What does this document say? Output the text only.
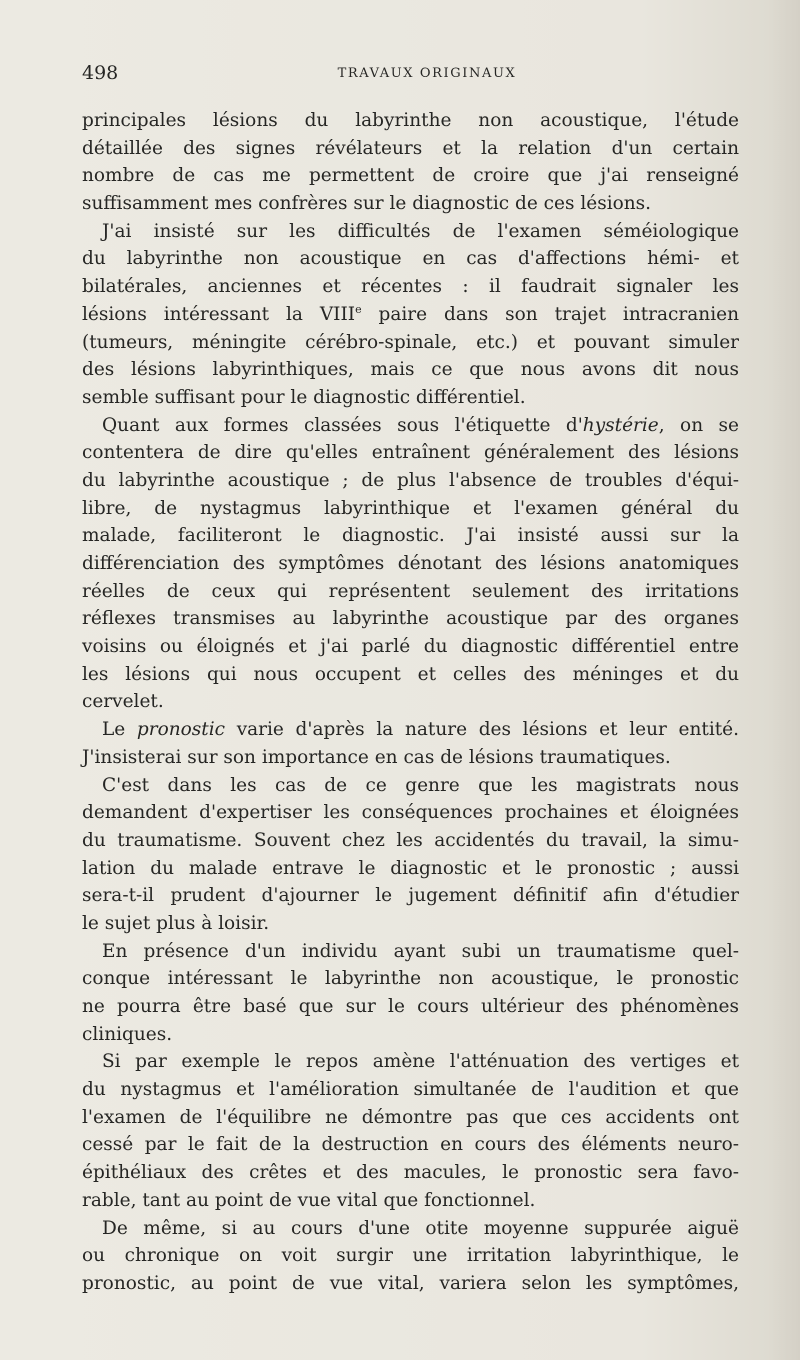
498	TRAVAUX ORIGINAUX
principales lésions du labyrinthe non acoustique, l'étude
détaillée des signes révélateurs et la relation d'un certain
nombre de cas me permettent de croire que j'ai renseigné
suffisamment mes confrères sur le diagnostic de ces lésions.
J'ai insisté sur les difficultés de l'examen séméiologique
du labyrinthe non acoustique en cas d'affections hémi- et
bilatérales, anciennes et récentes : il faudrait signaler les
lésions intéressant la VIIIe paire dans son trajet intracranien
(tumeurs, méningite cérébro-spinale, etc.) et pouvant simuler
des lésions labyrinthiques, mais ce que nous avons dit nous
semble suffisant pour le diagnostic différentiel.
Quant aux formes classées sous l'étiquette d'hystérie, on se
contentera de dire qu'elles entraînent généralement des lésions
du labyrinthe acoustique ; de plus l'absence de troubles d'équi-
libre, de nystagmus labyrinthique et l'examen général du
malade, faciliteront le diagnostic. J'ai insisté aussi sur la
différenciation des symptômes dénotant des lésions anatomiques
réelles de ceux qui représentent seulement des irritations
réflexes transmises au labyrinthe acoustique par des organes
voisins ou éloignés et j'ai parlé du diagnostic différentiel entre
les lésions qui nous occupent et celles des méninges et du
cervelet.
Le pronostic varie d'après la nature des lésions et leur entité.
J'insisterai sur son importance en cas de lésions traumatiques.
C'est dans les cas de ce genre que les magistrats nous
demandent d'expertiser les conséquences prochaines et éloignées
du traumatisme. Souvent chez les accidentés du travail, la simu-
lation du malade entrave le diagnostic et le pronostic ; aussi
sera-t-il prudent d'ajourner le jugement définitif afin d'étudier
le sujet plus à loisir.
En présence d'un individu ayant subi un traumatisme quel-
conque intéressant le labyrinthe non acoustique, le pronostic
ne pourra être basé que sur le cours ultérieur des phénomènes
cliniques.
Si par exemple le repos amène l'atténuation des vertiges et
du nystagmus et l'amélioration simultanée de l'audition et que
l'examen de l'équilibre ne démontre pas que ces accidents ont
cessé par le fait de la destruction en cours des éléments neuro-
épithéliaux des crêtes et des macules, le pronostic sera favo-
rable, tant au point de vue vital que fonctionnel.
De même, si au cours d'une otite moyenne suppurée aiguë
ou chronique on voit surgir une irritation labyrinthique, le
pronostic, au point de vue vital, variera selon les symptômes,
